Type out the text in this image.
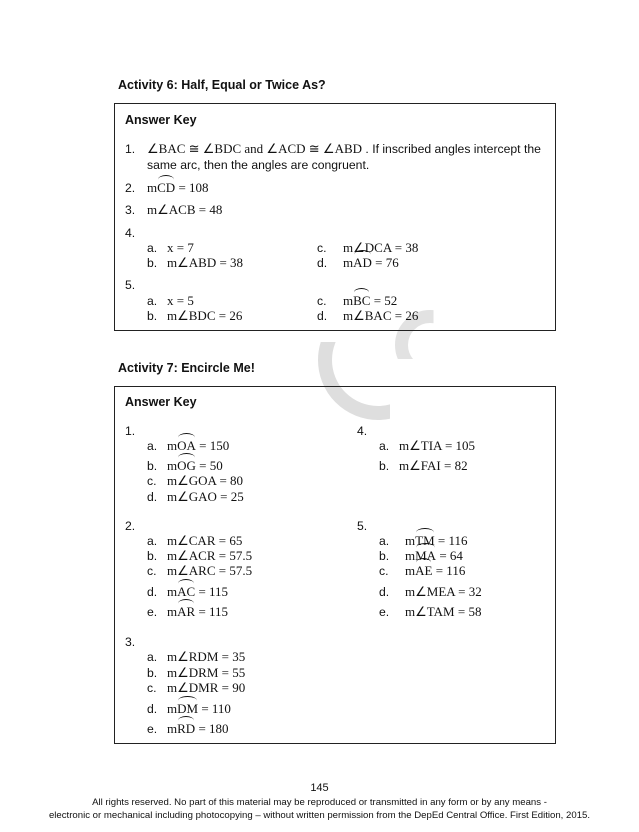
Activity 6: Half, Equal or Twice As?
Answer Key
1. ∠BAC ≅ ∠BDC and ∠ACD ≅ ∠ABD . If inscribed angles intercept the
same arc, then the angles are congruent.
2. mCD = 108
3. m∠ACB = 48
4.
a. x = 7
b. m∠ABD = 38
c. m∠DCA = 38
d. mAD = 76
5.
a. x = 5
b. m∠BDC = 26
c. mBC = 52
d. m∠BAC = 26
Activity 7: Encircle Me!
Answer Key
1.
a. mOA = 150
b. mOG = 50
c. m∠GOA = 80
d. m∠GAO = 25
4.
a. m∠TIA = 105
b. m∠FAI = 82
2.
a. m∠CAR = 65
b. m∠ACR = 57.5
c. m∠ARC = 57.5
d. mAC = 115
e. mAR = 115
5.
a. mTM = 116
b. mMA = 64
c. mAE = 116
d. m∠MEA = 32
e. m∠TAM = 58
3.
a. m∠RDM = 35
b. m∠DRM = 55
c. m∠DMR = 90
d. mDM = 110
e. mRD = 180
145
All rights reserved. No part of this material may be reproduced or transmitted in any form or by any means -
electronic or mechanical including photocopying – without written permission from the DepEd Central Office. First Edition, 2015.
